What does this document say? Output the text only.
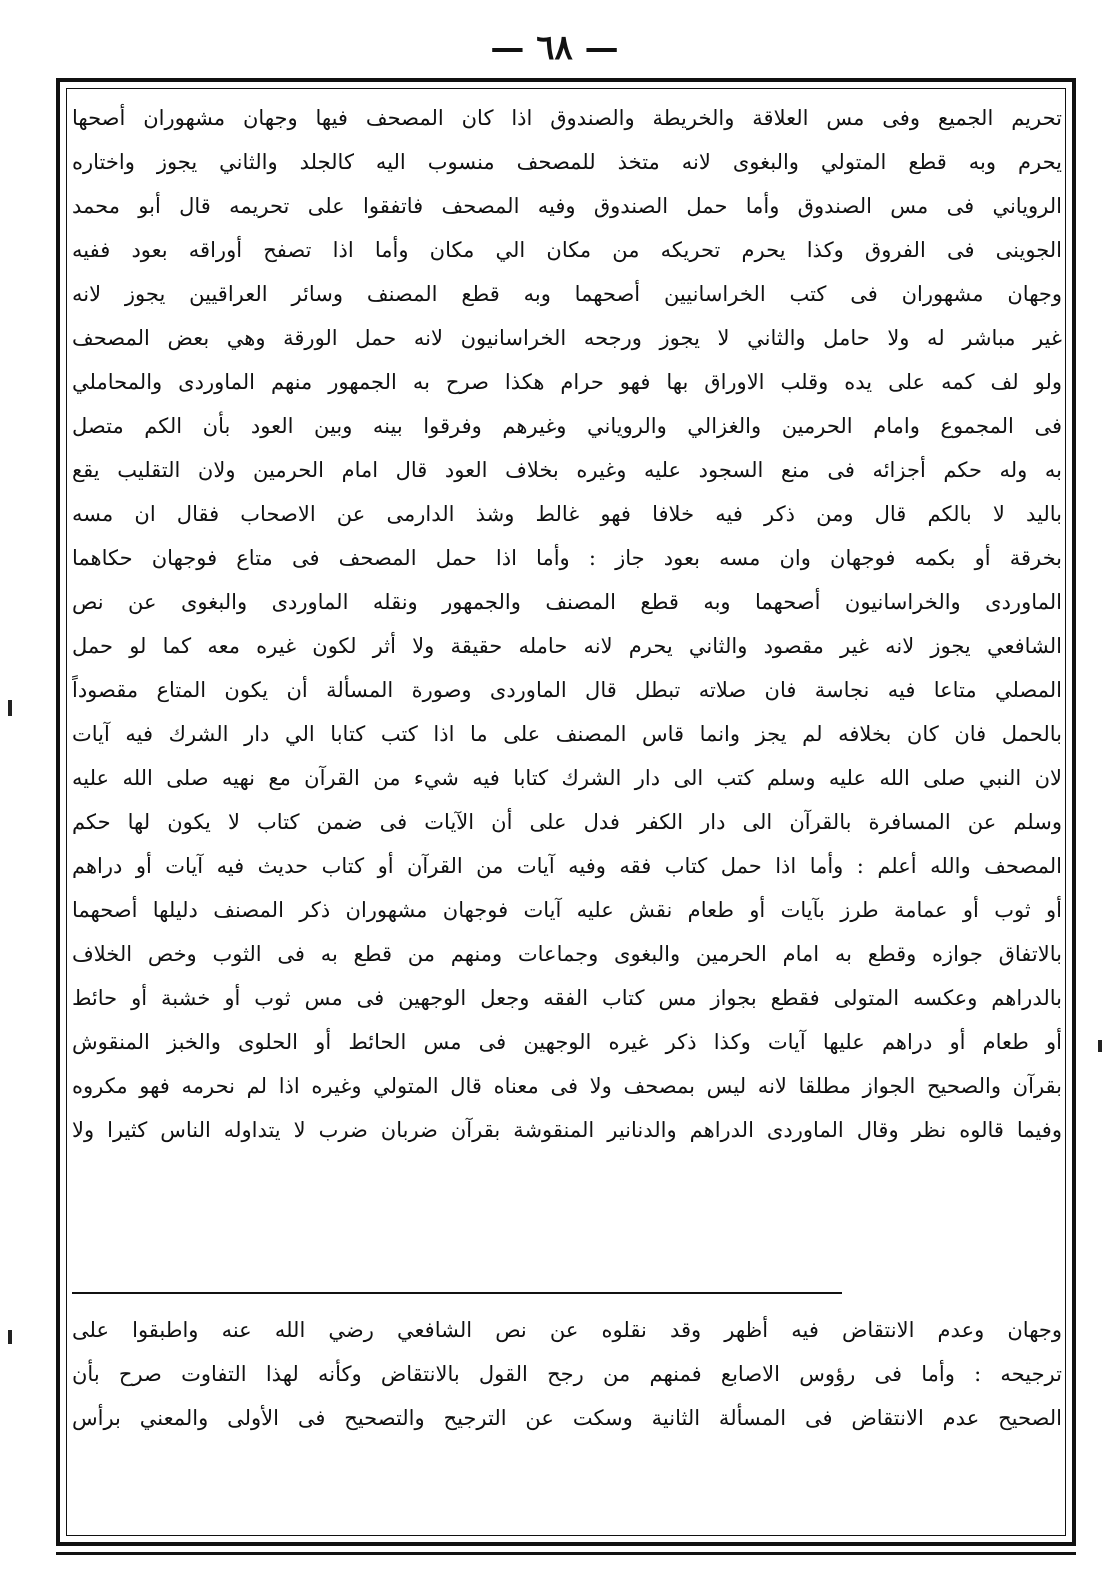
— ٦٨ —
تحريم الجميع وفى مس العلاقة والخريطة والصندوق اذا كان المصحف فيها وجهان مشهوران أصحها
يحرم وبه قطع المتولي والبغوى لانه متخذ للمصحف منسوب اليه كالجلد والثاني يجوز واختاره
الروياني فى مس الصندوق وأما حمل الصندوق وفيه المصحف فاتفقوا على تحريمه قال أبو محمد
الجوينى فى الفروق وكذا يحرم تحريكه من مكان الي مكان وأما اذا تصفح أوراقه بعود ففيه
وجهان مشهوران فى كتب الخراسانيين أصحهما وبه قطع المصنف وسائر العراقيين يجوز لانه
غير مباشر له ولا حامل والثاني لا يجوز ورجحه الخراسانيون لانه حمل الورقة وهي بعض المصحف
ولو لف كمه على يده وقلب الاوراق بها فهو حرام هكذا صرح به الجمهور منهم الماوردى والمحاملي
فى المجموع وامام الحرمين والغزالي والروياني وغيرهم وفرقوا بينه وبين العود بأن الكم متصل
به وله حكم أجزائه فى منع السجود عليه وغيره بخلاف العود قال امام الحرمين ولان التقليب يقع
باليد لا بالكم قال ومن ذكر فيه خلافا فهو غالط وشذ الدارمى عن الاصحاب فقال ان مسه
بخرقة أو بكمه فوجهان وان مسه بعود جاز : وأما اذا حمل المصحف فى متاع فوجهان حكاهما
الماوردى والخراسانيون أصحهما وبه قطع المصنف والجمهور ونقله الماوردى والبغوى عن نص
الشافعي يجوز لانه غير مقصود والثاني يحرم لانه حامله حقيقة ولا أثر لكون غيره معه كما لو حمل
المصلي متاعا فيه نجاسة فان صلاته تبطل قال الماوردى وصورة المسألة أن يكون المتاع مقصوداً
بالحمل فان كان بخلافه لم يجز وانما قاس المصنف على ما اذا كتب كتابا الي دار الشرك فيه آيات
لان النبي صلى الله عليه وسلم كتب الى دار الشرك كتابا فيه شيء من القرآن مع نهيه صلى الله عليه
وسلم عن المسافرة بالقرآن الى دار الكفر فدل على أن الآيات فى ضمن كتاب لا يكون لها حكم
المصحف والله أعلم : وأما اذا حمل كتاب فقه وفيه آيات من القرآن أو كتاب حديث فيه آيات أو دراهم
أو ثوب أو عمامة طرز بآيات أو طعام نقش عليه آيات فوجهان مشهوران ذكر المصنف دليلها أصحهما
بالاتفاق جوازه وقطع به امام الحرمين والبغوى وجماعات ومنهم من قطع به فى الثوب وخص الخلاف
بالدراهم وعكسه المتولى فقطع بجواز مس كتاب الفقه وجعل الوجهين فى مس ثوب أو خشبة أو حائط
أو طعام أو دراهم عليها آيات وكذا ذكر غيره الوجهين فى مس الحائط أو الحلوى والخبز المنقوش
بقرآن والصحيح الجواز مطلقا لانه ليس بمصحف ولا فى معناه قال المتولي وغيره اذا لم نحرمه فهو مكروه
وفيما قالوه نظر وقال الماوردى الدراهم والدنانير المنقوشة بقرآن ضربان ضرب لا يتداوله الناس كثيرا ولا
وجهان وعدم الانتقاض فيه أظهر وقد نقلوه عن نص الشافعي رضي الله عنه واطبقوا على
ترجيحه : وأما فى رؤوس الاصابع فمنهم من رجح القول بالانتقاض وكأنه لهذا التفاوت صرح بأن
الصحيح عدم الانتقاض فى المسألة الثانية وسكت عن الترجيح والتصحيح فى الأولى والمعني برأس
